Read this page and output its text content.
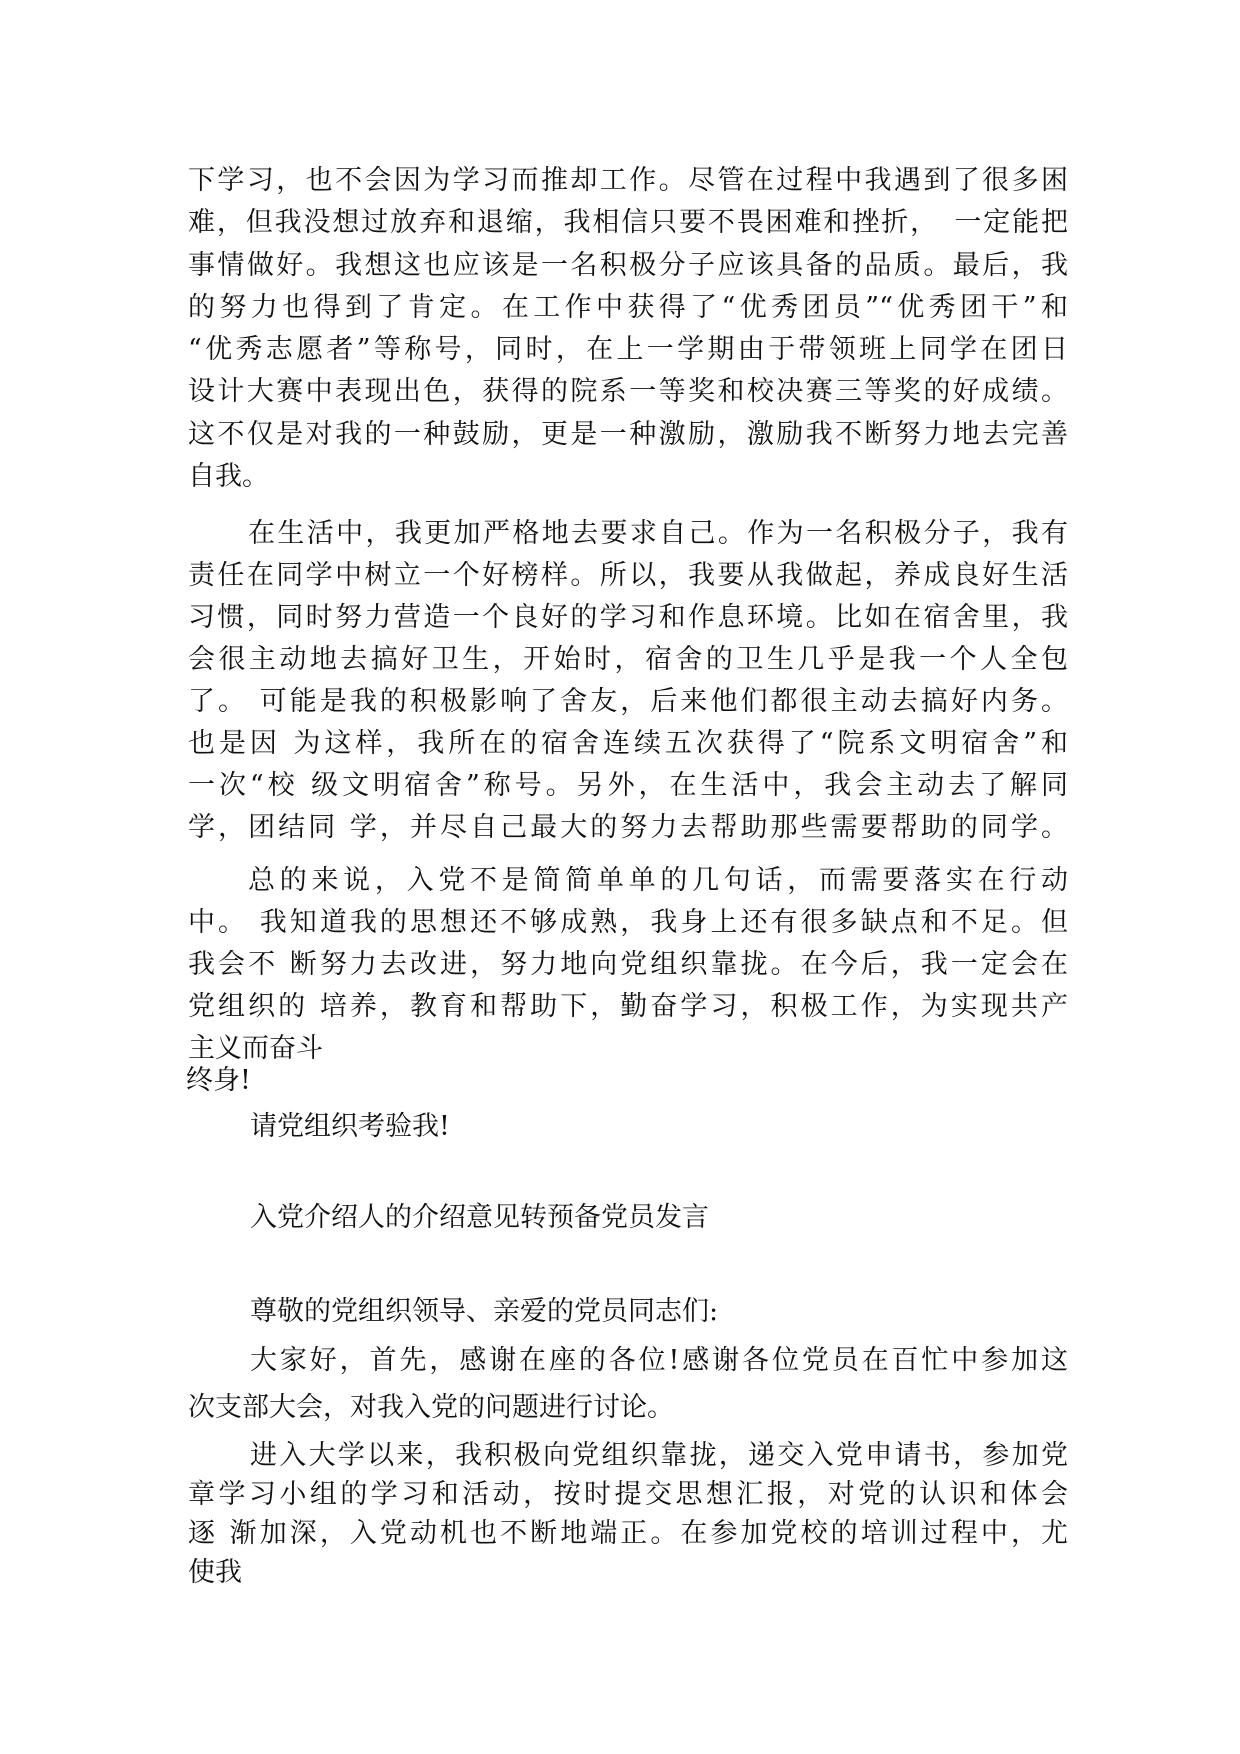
下学习，也不会因为学习而推却工作。尽管在过程中我遇到了很多困
难，但我没想过放弃和退缩，我相信只要不畏困难和挫折，　一定能把
事情做好。我想这也应该是一名积极分子应该具备的品质。最后，我
的努力也得到了肯定。在工作中获得了“优秀团员”“优秀团干”和
“优秀志愿者”等称号，同时，在上一学期由于带领班上同学在团日
设计大赛中表现出色，获得的院系一等奖和校决赛三等奖的好成绩。
这不仅是对我的一种鼓励，更是一种激励，激励我不断努力地去完善
自我。
在生活中，我更加严格地去要求自己。作为一名积极分子，我有
责任在同学中树立一个好榜样。所以，我要从我做起，养成良好生活
习惯，同时努力营造一个良好的学习和作息环境。比如在宿舍里，我
会很主动地去搞好卫生，开始时，宿舍的卫生几乎是我一个人全包
了。 可能是我的积极影响了舍友，后来他们都很主动去搞好内务。
也是因 为这样，我所在的宿舍连续五次获得了“院系文明宿舍”和
一次“校 级文明宿舍”称号。另外，在生活中，我会主动去了解同
学，团结同 学，并尽自己最大的努力去帮助那些需要帮助的同学。
总的来说，入党不是简简单单的几句话，而需要落实在行动
中。 我知道我的思想还不够成熟，我身上还有很多缺点和不足。但
我会不 断努力去改进，努力地向党组织靠拢。在今后，我一定会在
党组织的 培养，教育和帮助下，勤奋学习，积极工作，为实现共产
主义而奋斗
终身!
请党组织考验我!
入党介绍人的介绍意见转预备党员发言
尊敬的党组织领导、亲爱的党员同志们:
大家好，首先，感谢在座的各位!感谢各位党员在百忙中参加这
次支部大会，对我入党的问题进行讨论。
进入大学以来，我积极向党组织靠拢，递交入党申请书，参加党
章学习小组的学习和活动，按时提交思想汇报，对党的认识和体会
逐 渐加深，入党动机也不断地端正。在参加党校的培训过程中，尤
使我
